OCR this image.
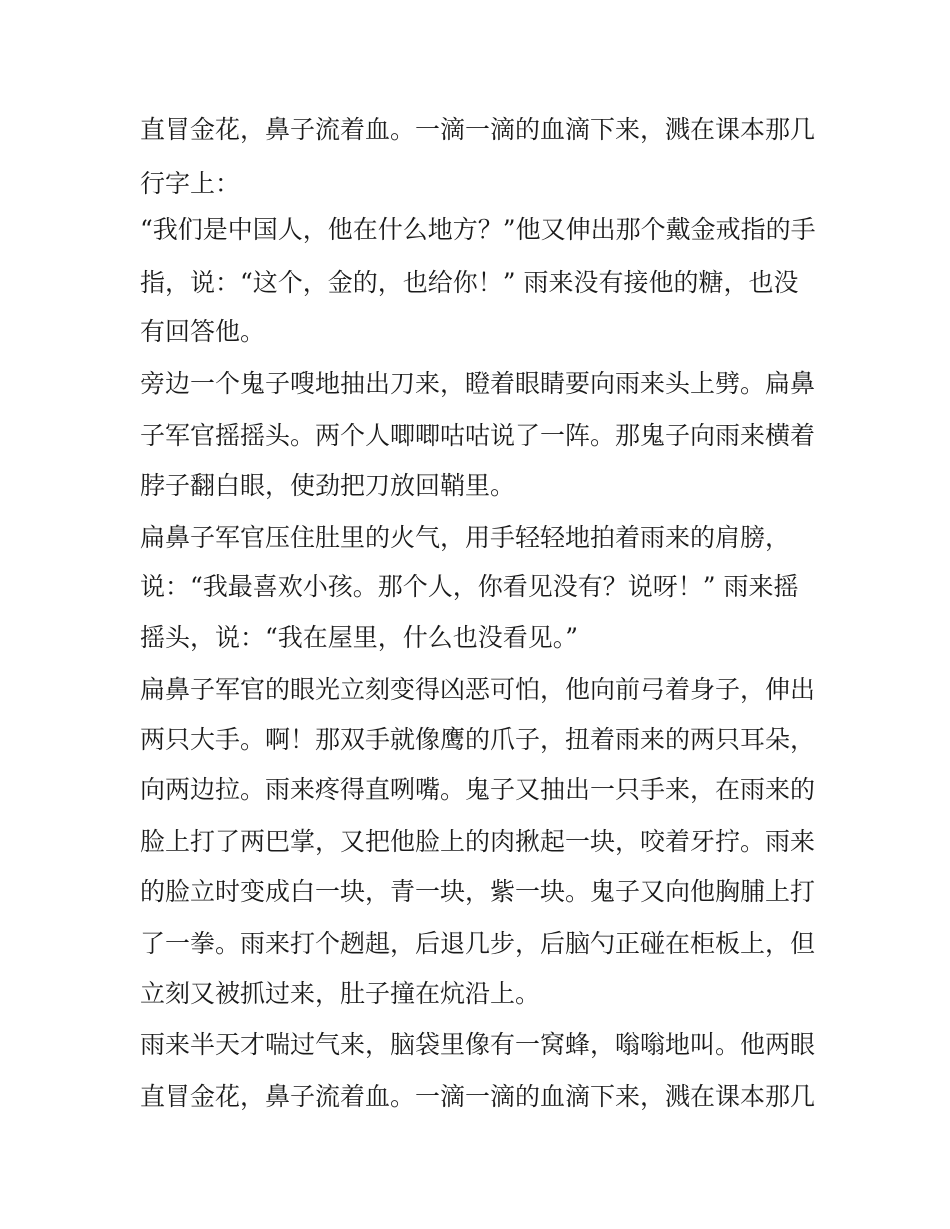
直冒金花，鼻子流着血。一滴一滴的血滴下来，溅在课本那几
行字上：
“我们是中国人，他在什么地方？”他又伸出那个戴金戒指的手
指，说：“这个，金的，也给你！” 雨来没有接他的糖，也没
有回答他。
旁边一个鬼子嗖地抽出刀来，瞪着眼睛要向雨来头上劈。扁鼻
子军官摇摇头。两个人唧唧咕咕说了一阵。那鬼子向雨来横着
脖子翻白眼，使劲把刀放回鞘里。
扁鼻子军官压住肚里的火气，用手轻轻地拍着雨来的肩膀，
说：“我最喜欢小孩。那个人，你看见没有？说呀！” 雨来摇
摇头，说：“我在屋里，什么也没看见。”
扁鼻子军官的眼光立刻变得凶恶可怕，他向前弓着身子，伸出
两只大手。啊！那双手就像鹰的爪子，扭着雨来的两只耳朵，
向两边拉。雨来疼得直咧嘴。鬼子又抽出一只手来，在雨来的
脸上打了两巴掌，又把他脸上的肉揪起一块，咬着牙拧。雨来
的脸立时变成白一块，青一块，紫一块。鬼子又向他胸脯上打
了一拳。雨来打个趔趄，后退几步，后脑勺正碰在柜板上，但
立刻又被抓过来，肚子撞在炕沿上。
雨来半天才喘过气来，脑袋里像有一窝蜂，嗡嗡地叫。他两眼
直冒金花，鼻子流着血。一滴一滴的血滴下来，溅在课本那几
